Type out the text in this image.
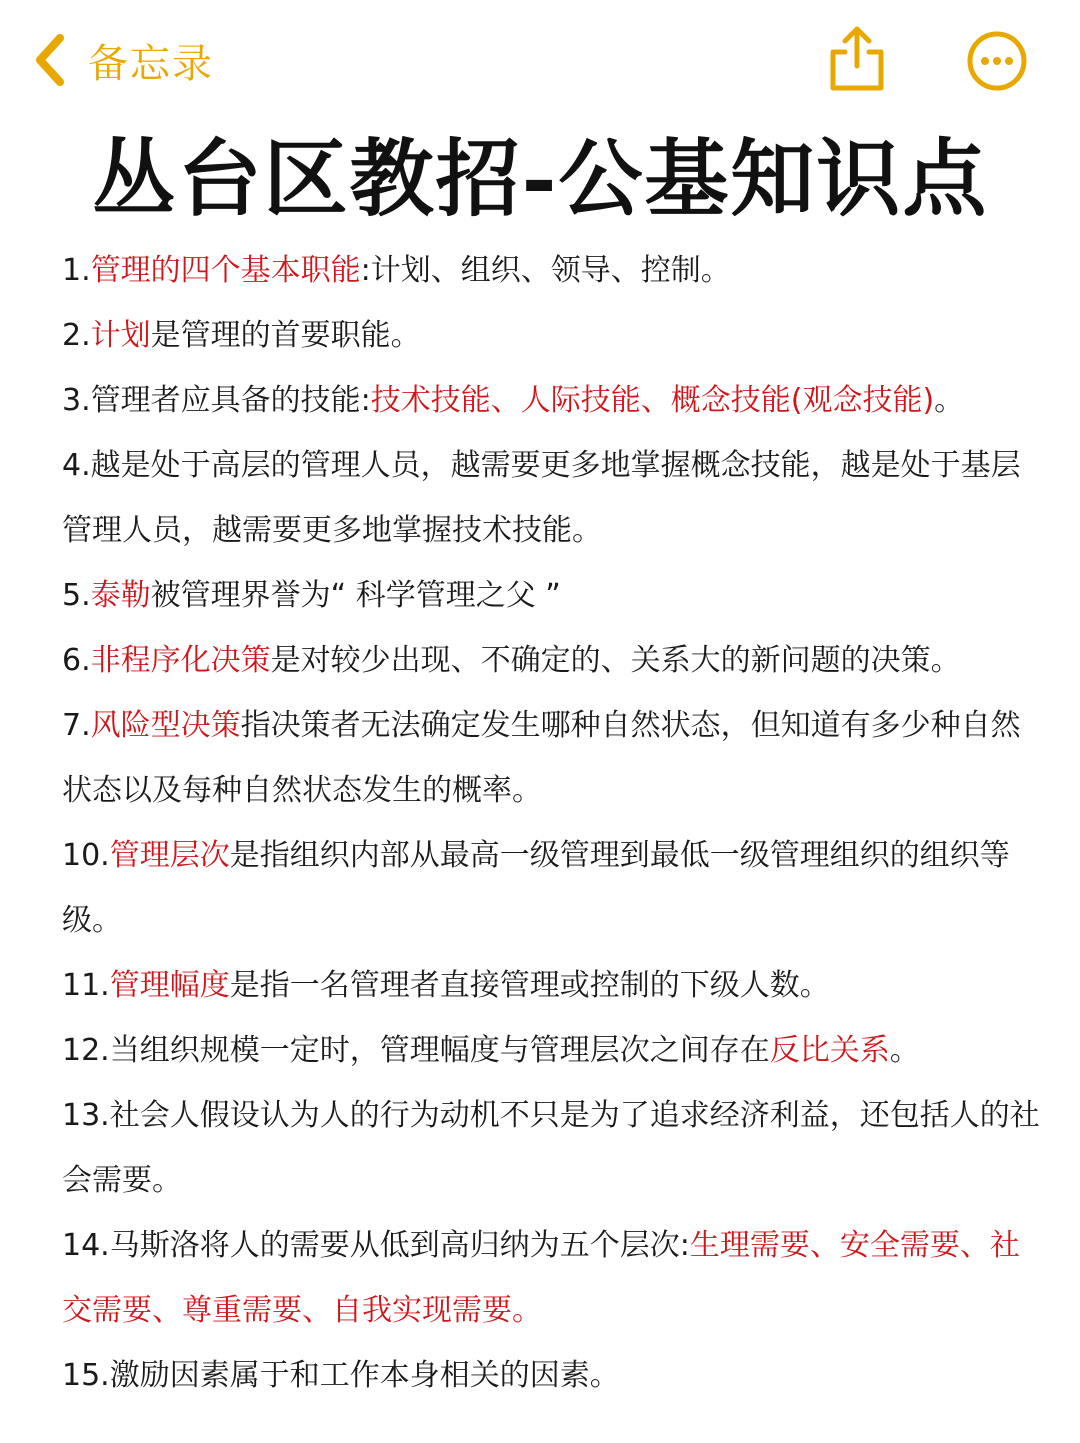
备忘录
丛台区教招-公基知识点

1.管理的四个基本职能:计划、组织、领导、控制。

2.计划是管理的首要职能。

3.管理者应具备的技能:技术技能、人际技能、概念技能(观念技能)。

4.越是处于高层的管理人员，越需要更多地掌握概念技能，越是处于基层管理人员，越需要更多地掌握技术技能。

5.泰勒被管理界誉为“ 科学管理之父 ”

6.非程序化决策是对较少出现、不确定的、关系大的新问题的决策。

7.风险型决策指决策者无法确定发生哪种自然状态，但知道有多少种自然状态以及每种自然状态发生的概率。

10.管理层次是指组织内部从最高一级管理到最低一级管理组织的组织等级。

11.管理幅度是指一名管理者直接管理或控制的下级人数。

12.当组织规模一定时，管理幅度与管理层次之间存在反比关系。

13.社会人假设认为人的行为动机不只是为了追求经济利益，还包括人的社会需要。

14.马斯洛将人的需要从低到高归纳为五个层次:生理需要、安全需要、社交需要、尊重需要、自我实现需要。

15.激励因素属于和工作本身相关的因素。
